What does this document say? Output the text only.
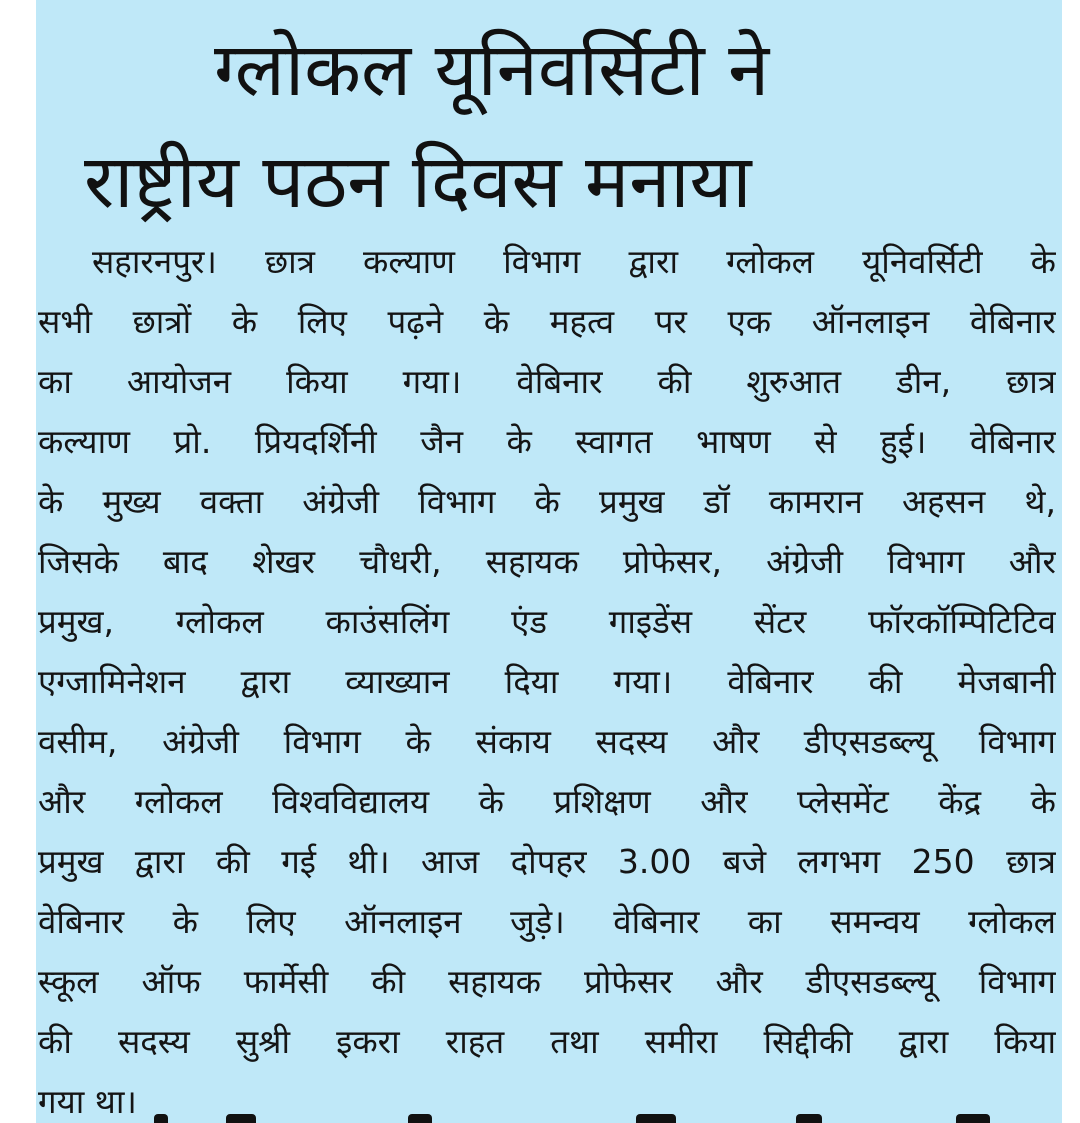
ग्लोकल यूनिवर्सिटी ने
राष्ट्रीय पठन दिवस मनाया
सहारनपुर। छात्र कल्याण विभाग द्वारा ग्लोकल यूनिवर्सिटी के
सभी छात्रों के लिए पढ़ने के महत्व पर एक ऑनलाइन वेबिनार
का आयोजन किया गया। वेबिनार की शुरुआत डीन, छात्र
कल्याण प्रो. प्रियदर्शिनी जैन के स्वागत भाषण से हुई। वेबिनार
के मुख्य वक्ता अंग्रेजी विभाग के प्रमुख डॉ कामरान अहसन थे,
जिसके बाद शेखर चौधरी, सहायक प्रोफेसर, अंग्रेजी विभाग और
प्रमुख, ग्लोकल काउंसलिंग एंड गाइडेंस सेंटर फॉरकॉम्पिटिटिव
एग्जामिनेशन द्वारा व्याख्यान दिया गया। वेबिनार की मेजबानी
वसीम, अंग्रेजी विभाग के संकाय सदस्य और डीएसडब्ल्यू विभाग
और ग्लोकल विश्वविद्यालय के प्रशिक्षण और प्लेसमेंट केंद्र के
प्रमुख द्वारा की गई थी। आज दोपहर 3.00 बजे लगभग 250 छात्र
वेबिनार के लिए ऑनलाइन जुड़े। वेबिनार का समन्वय ग्लोकल
स्कूल ऑफ फार्मेसी की सहायक प्रोफेसर और डीएसडब्ल्यू विभाग
की सदस्य सुश्री इकरा राहत तथा समीरा सिद्दीकी द्वारा किया
गया था।
